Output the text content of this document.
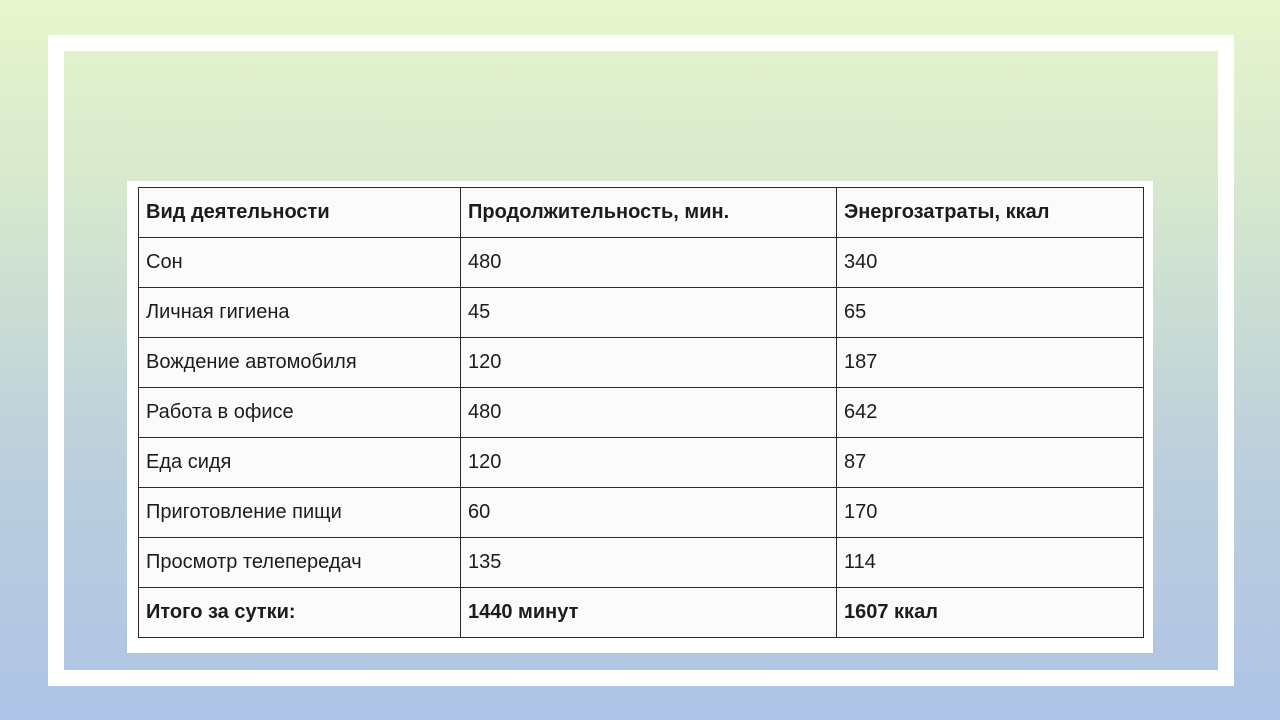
Вид деятельности	Продолжительность, мин.	Энергозатраты, ккал
Сон	480	340
Личная гигиена	45	65
Вождение автомобиля	120	187
Работа в офисе	480	642
Еда сидя	120	87
Приготовление пищи	60	170
Просмотр телепередач	135	114
Итого за сутки:	1440 минут	1607 ккал
